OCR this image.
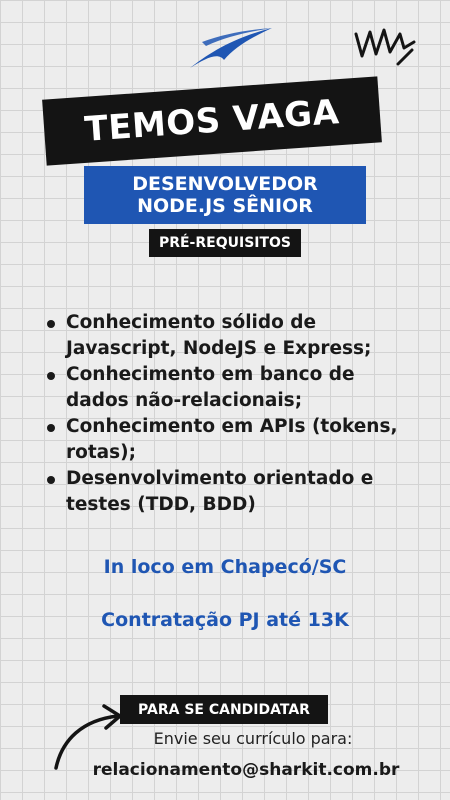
TEMOS VAGA
DESENVOLVEDOR
NODE.JS SÊNIOR
PRÉ-REQUISITOS
Conhecimento sólido de
Javascript, NodeJS e Express;
Conhecimento em banco de
dados não-relacionais;
Conhecimento em APIs (tokens,
rotas);
Desenvolvimento orientado e
testes (TDD, BDD)
In loco em Chapecó/SC
Contratação PJ até 13K
PARA SE CANDIDATAR
Envie seu currículo para:
relacionamento@sharkit.com.br
